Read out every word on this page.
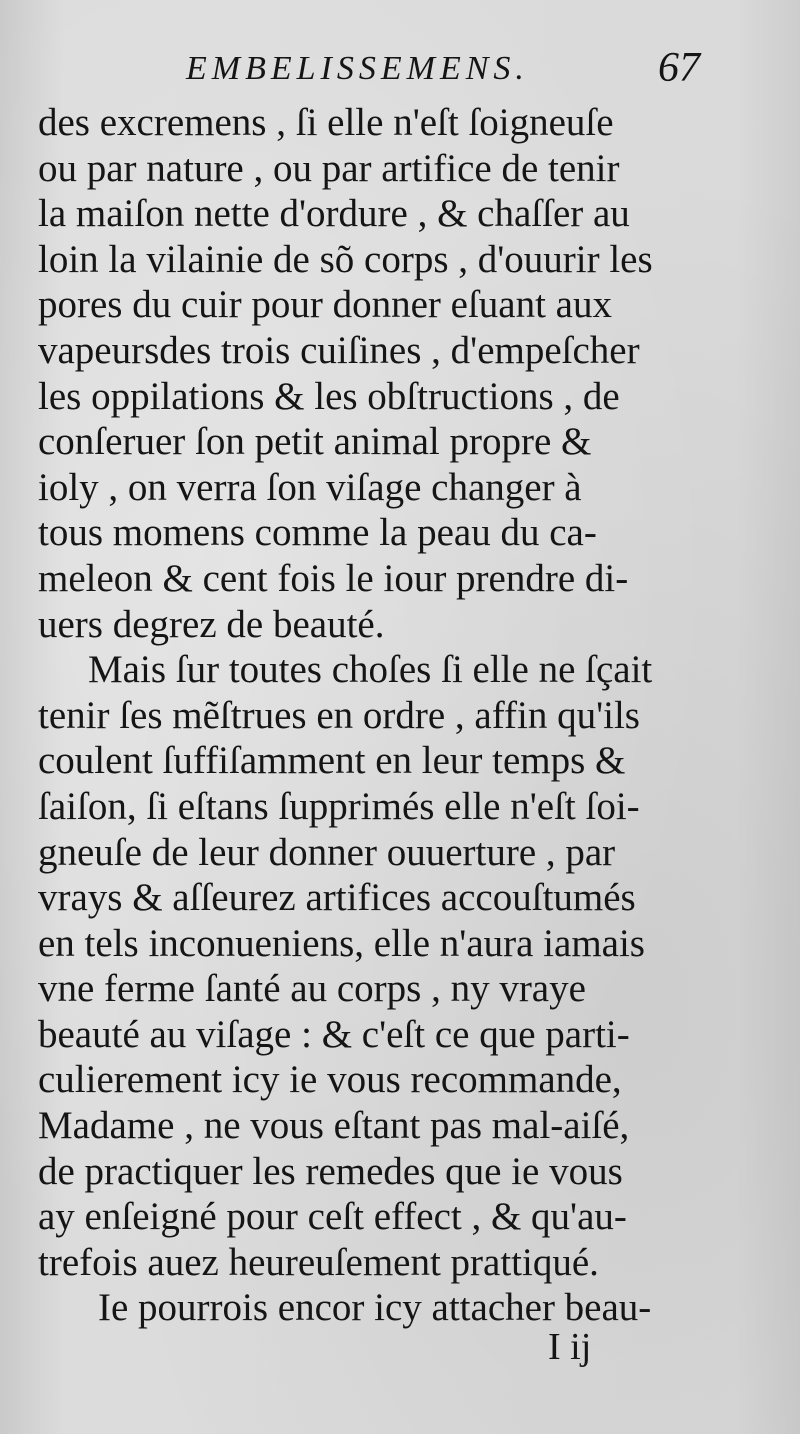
EMBELISSEMENS.	67
des excremens , ſi elle n'eſt ſoigneuſe
ou par nature , ou par artifice de tenir
la maiſon nette d'ordure , & chaſſer au
loin la vilainie de sõ corps , d'ouurir les
pores du cuir pour donner eſuant aux
vapeursdes trois cuiſines , d'empeſcher
les oppilations & les obſtructions , de
conſeruer ſon petit animal propre &
ioly , on verra ſon viſage changer à
tous momens comme la peau du ca-
meleon & cent fois le iour prendre di-
uers degrez de beauté.
Mais ſur toutes choſes ſi elle ne ſçait
tenir ſes mẽſtrues en ordre , affin qu'ils
coulent ſuffiſamment en leur temps &
ſaiſon, ſi eſtans ſupprimés elle n'eſt ſoi-
gneuſe de leur donner ouuerture , par
vrays & aſſeurez artifices accouſtumés
en tels inconueniens, elle n'aura iamais
vne ferme ſanté au corps , ny vraye
beauté au viſage : & c'eſt ce que parti-
culierement icy ie vous recommande,
Madame , ne vous eſtant pas mal-aiſé,
de practiquer les remedes que ie vous
ay enſeigné pour ceſt effect , & qu'au-
trefois auez heureuſement prattiqué.
Ie pourrois encor icy attacher beau-
I ij
